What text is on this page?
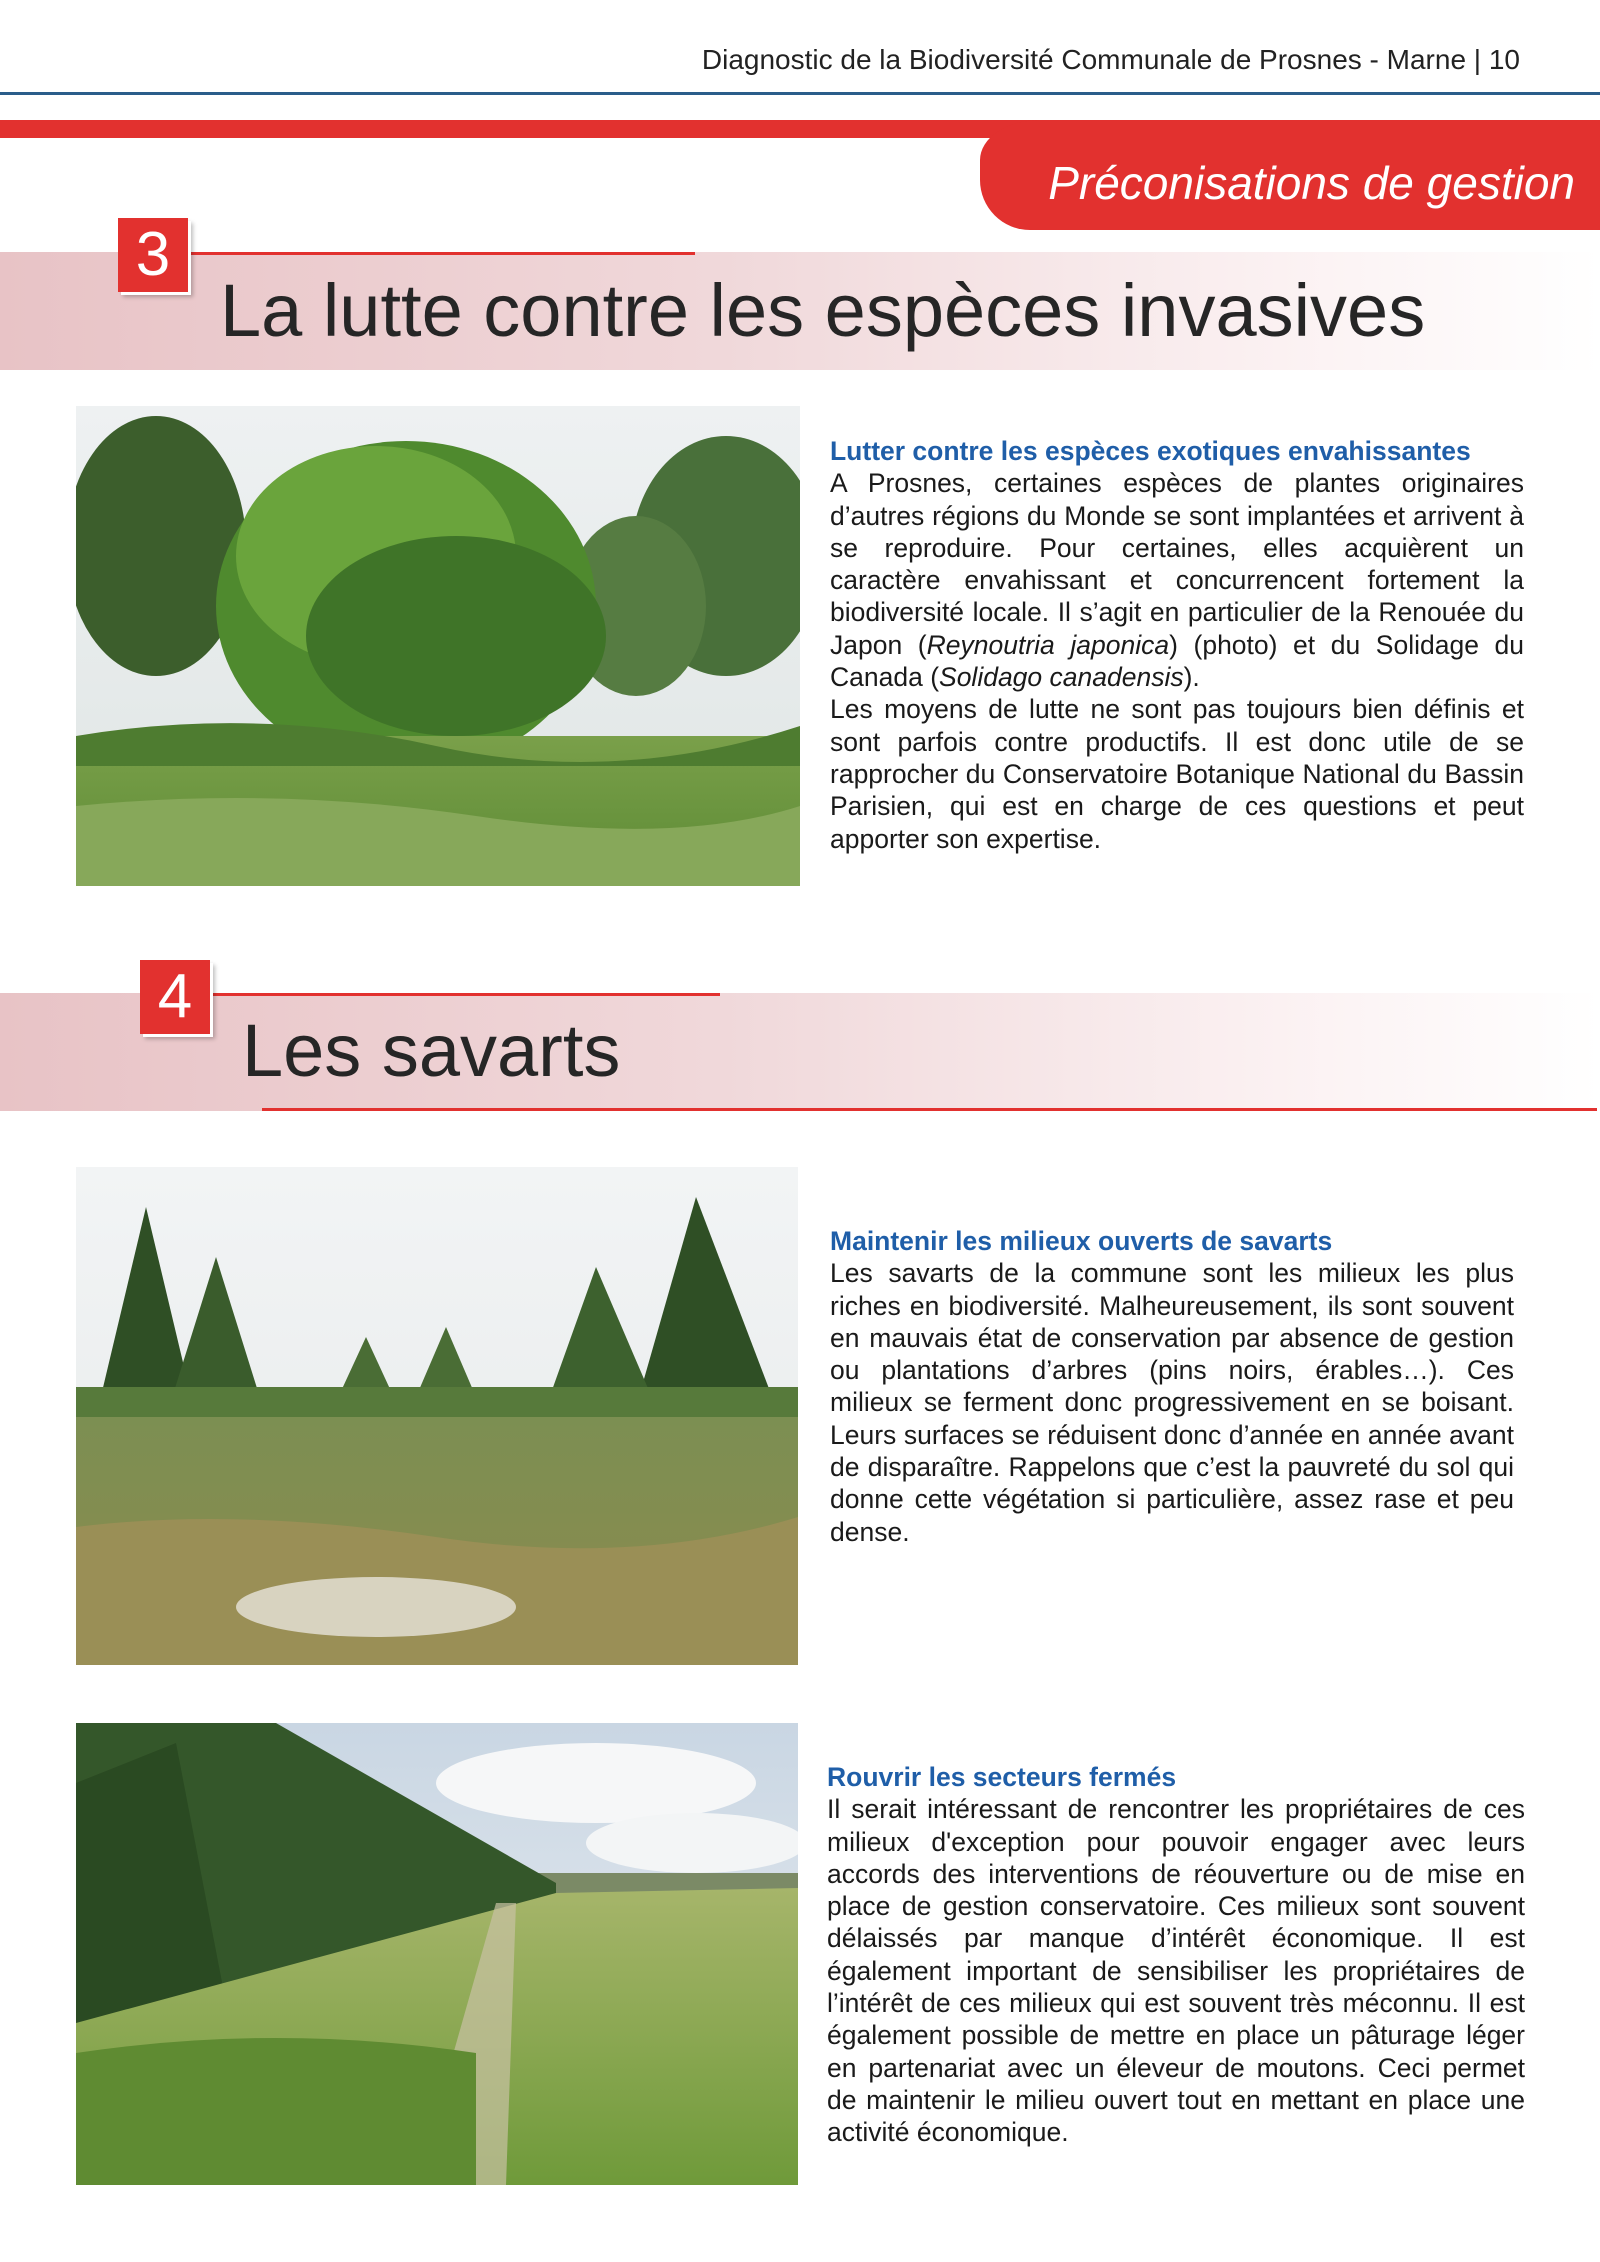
Diagnostic de la Biodiversité Communale de Prosnes - Marne | 10
Préconisations de gestion
3
La lutte contre les espèces invasives
Lutter contre les espèces exotiques envahissantes

A Prosnes, certaines espèces de plantes originaires d’autres régions du Monde se sont implantées et arrivent à se reproduire. Pour certaines, elles acquièrent un caractère envahissant et concurrencent fortement la biodiversité locale. Il s’agit en particulier de la Renouée du Japon (Reynoutria japonica) (photo) et du Solidage du Canada (Solidago canadensis).

Les moyens de lutte ne sont pas toujours bien définis et sont parfois contre productifs. Il est donc utile de se rapprocher du Conservatoire Botanique National du Bassin Parisien, qui est en charge de ces questions et peut apporter son expertise.

4
Les savarts
Maintenir les milieux ouverts de savarts

Les savarts de la commune sont les milieux les plus riches en biodiversité. Malheureusement, ils sont souvent en mauvais état de conservation par absence de gestion ou plantations d’arbres (pins noirs, érables…). Ces milieux se ferment donc progressivement en se boisant. Leurs surfaces se réduisent donc d’année en année avant de disparaître. Rappelons que c’est la pauvreté du sol qui donne cette végétation si particulière, assez rase et peu dense.

Rouvrir les secteurs fermés

Il serait intéressant de rencontrer les propriétaires de ces milieux d'exception pour pouvoir engager avec leurs accords des interventions de réouverture ou de mise en place de gestion conservatoire. Ces milieux sont souvent délaissés par manque d’intérêt économique. Il est également important de sensibiliser les propriétaires de l’intérêt de ces milieux qui est souvent très méconnu. Il est également possible de mettre en place un pâturage léger en partenariat avec un éleveur de moutons. Ceci permet de maintenir le milieu ouvert tout en mettant en place une activité économique.
